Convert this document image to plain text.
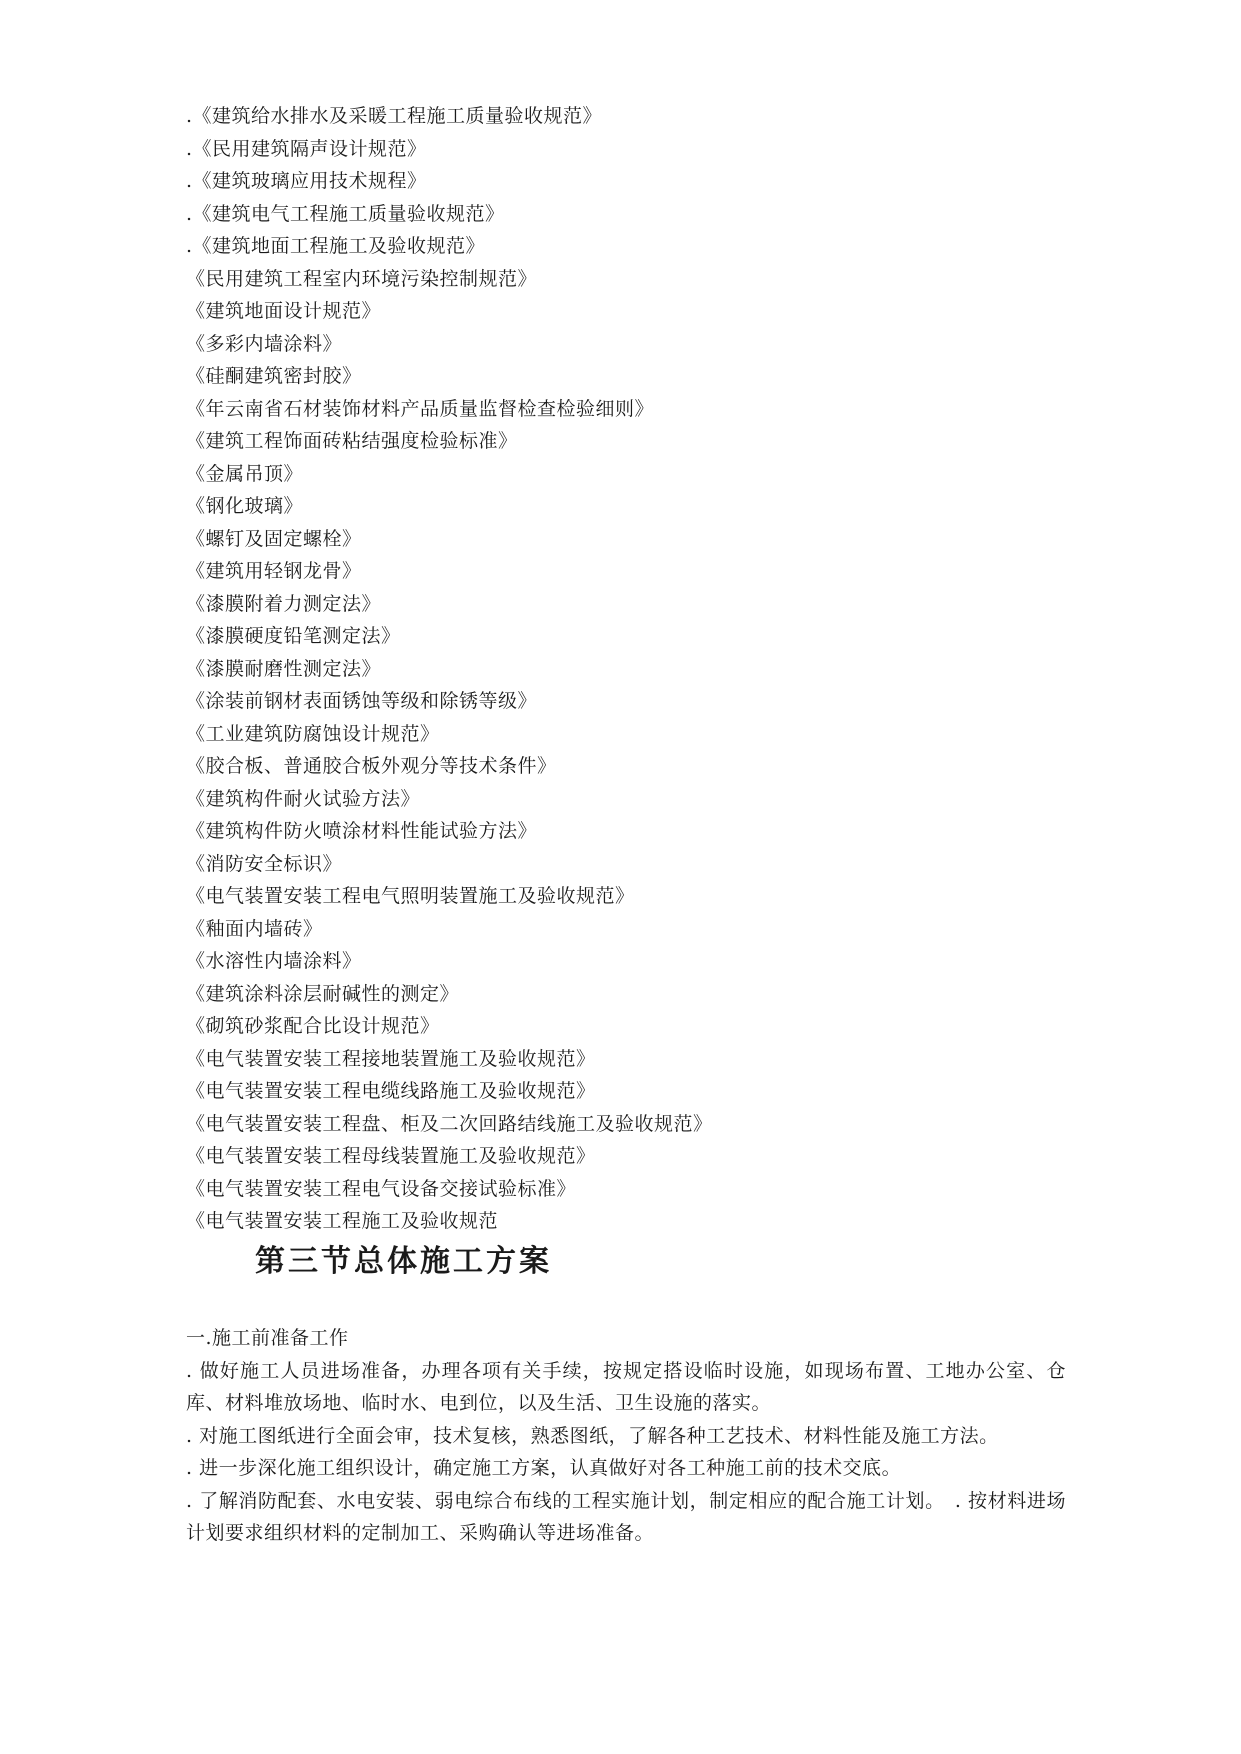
.《建筑给水排水及采暖工程施工质量验收规范》
.《民用建筑隔声设计规范》
.《建筑玻璃应用技术规程》
.《建筑电气工程施工质量验收规范》
.《建筑地面工程施工及验收规范》
《民用建筑工程室内环境污染控制规范》
《建筑地面设计规范》
《多彩内墙涂料》
《硅酮建筑密封胶》
《年云南省石材装饰材料产品质量监督检查检验细则》
《建筑工程饰面砖粘结强度检验标准》
《金属吊顶》
《钢化玻璃》
《螺钉及固定螺栓》
《建筑用轻钢龙骨》
《漆膜附着力测定法》
《漆膜硬度铅笔测定法》
《漆膜耐磨性测定法》
《涂装前钢材表面锈蚀等级和除锈等级》
《工业建筑防腐蚀设计规范》
《胶合板、普通胶合板外观分等技术条件》
《建筑构件耐火试验方法》
《建筑构件防火喷涂材料性能试验方法》
《消防安全标识》
《电气装置安装工程电气照明装置施工及验收规范》
《釉面内墙砖》
《水溶性内墙涂料》
《建筑涂料涂层耐碱性的测定》
《砌筑砂浆配合比设计规范》
《电气装置安装工程接地装置施工及验收规范》
《电气装置安装工程电缆线路施工及验收规范》
《电气装置安装工程盘、柜及二次回路结线施工及验收规范》
《电气装置安装工程母线装置施工及验收规范》
《电气装置安装工程电气设备交接试验标准》
《电气装置安装工程施工及验收规范
第三节总体施工方案

一.施工前准备工作

. 做好施工人员进场准备，办理各项有关手续，按规定搭设临时设施，如现场布置、工地办公室、仓库、材料堆放场地、临时水、电到位，以及生活、卫生设施的落实。

. 对施工图纸进行全面会审，技术复核，熟悉图纸，了解各种工艺技术、材料性能及施工方法。

. 进一步深化施工组织设计，确定施工方案，认真做好对各工种施工前的技术交底。

. 了解消防配套、水电安装、弱电综合布线的工程实施计划，制定相应的配合施工计划。　. 按材料进场计划要求组织材料的定制加工、采购确认等进场准备。
